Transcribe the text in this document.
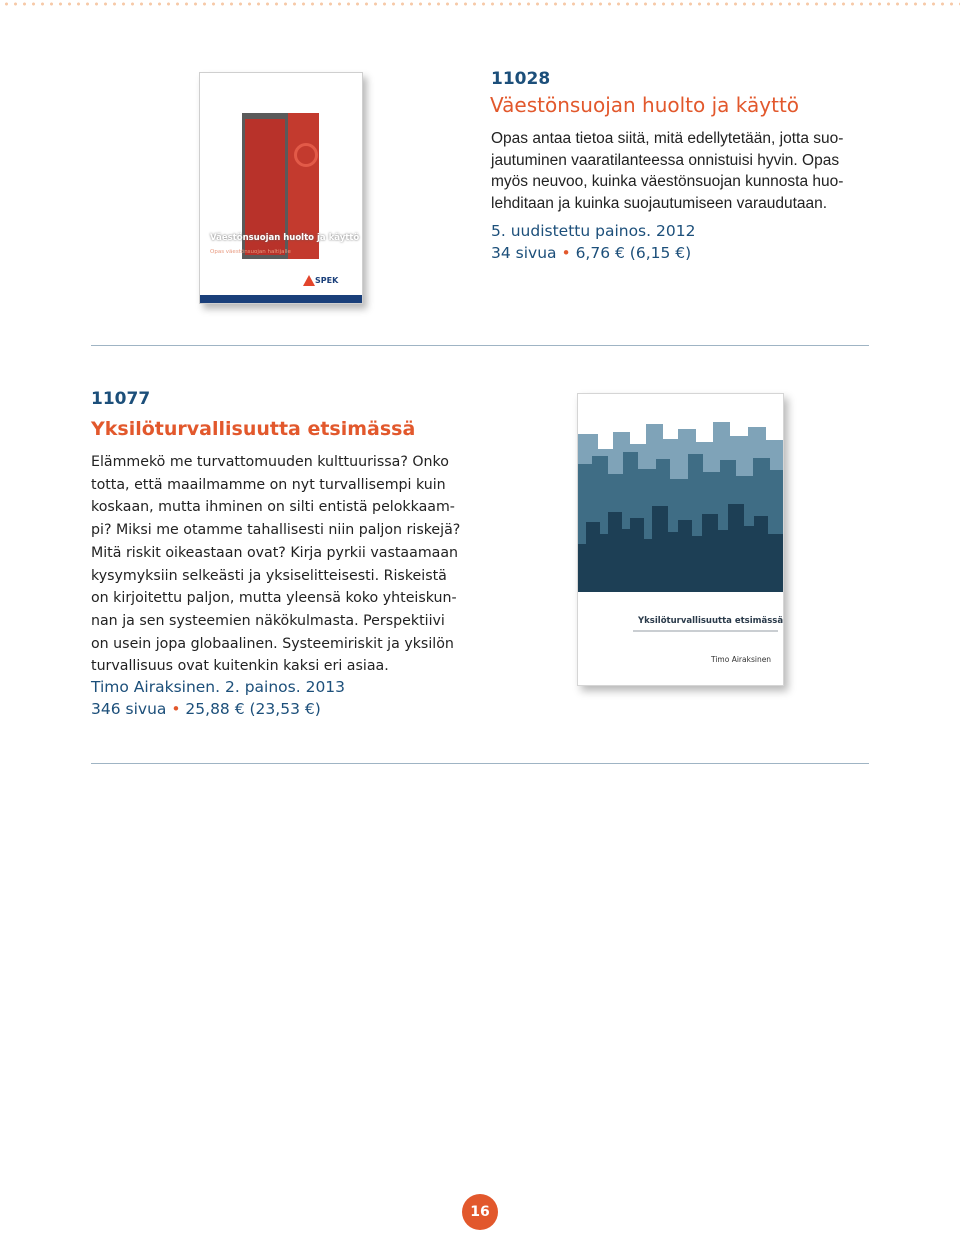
Väestönsuojan huolto ja käyttö
Opas väestönsuojan haltijalle
SPEK
11028
Väestönsuojan huolto ja käyttö
Opas antaa tietoa siitä, mitä edellytetään, jotta suo-
jautuminen vaaratilanteessa onnistuisi hyvin. Opas
myös neuvoo, kuinka väestönsuojan kunnosta huo-
lehditaan ja kuinka suojautumiseen varaudutaan.
5. uudistettu painos. 2012
34 sivua • 6,76 € (6,15 €)
11077
Yksilöturvallisuutta etsimässä
Elämmekö me turvattomuuden kulttuurissa? Onko
totta, että maailmamme on nyt turvallisempi kuin
koskaan, mutta ihminen on silti entistä pelokkaam-
pi? Miksi me otamme tahallisesti niin paljon riskejä?
Mitä riskit oikeastaan ovat? Kirja pyrkii vastaamaan
kysymyksiin selkeästi ja yksiselitteisesti. Riskeistä
on kirjoitettu paljon, mutta yleensä koko yhteiskun-
nan ja sen systeemien näkökulmasta. Perspektiivi
on usein jopa globaalinen. Systeemiriskit ja yksilön
turvallisuus ovat kuitenkin kaksi eri asiaa.
Timo Airaksinen. 2. painos. 2013
346 sivua • 25,88 € (23,53 €)
Yksilöturvallisuutta etsimässä
Timo Airaksinen
16
